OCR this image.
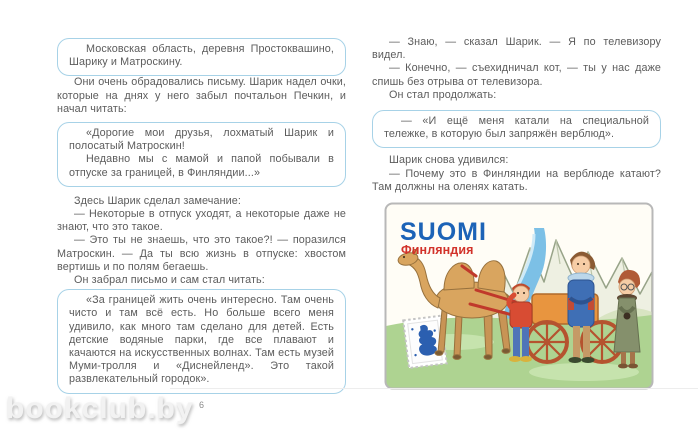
Московская область, деревня Простоквашино, Шарику и Матроскину.

Они очень обрадовались письму. Шарик надел очки, которые на днях у него забыл почтальон Печкин, и начал читать:

«Дорогие мои друзья, лохматый Шарик и полосатый Матроскин!

Недавно мы с мамой и папой побывали в отпуске за границей, в Финляндии...»

Здесь Шарик сделал замечание:

— Некоторые в отпуск уходят, а некоторые даже не знают, что это такое.

— Это ты не знаешь, что это такое?! — поразился Матроскин. — Да ты всю жизнь в отпуске: хвостом вертишь и по полям бегаешь.

Он забрал письмо и сам стал читать:

«За границей жить очень интересно. Там очень чисто и там всё есть. Но больше всего меня удивило, как много там сделано для детей. Есть детские водяные парки, где все плавают и качаются на искусственных волнах. Там есть музей Муми-тролля и «Диснейленд». Это такой развлекательный городок».

6

— Знаю, — сказал Шарик. — Я по телевизору видел.

— Конечно, — съехидничал кот, — ты у нас даже спишь без отрыва от телевизора.

Он стал продолжать:

— «И ещё меня катали на специальной тележке, в которую был запряжён верблюд».

Шарик снова удивился:

— Почему это в Финляндии на верблюде катают? Там должны на оленях катать.

SUOMI
Финляндия
bookclub.by
